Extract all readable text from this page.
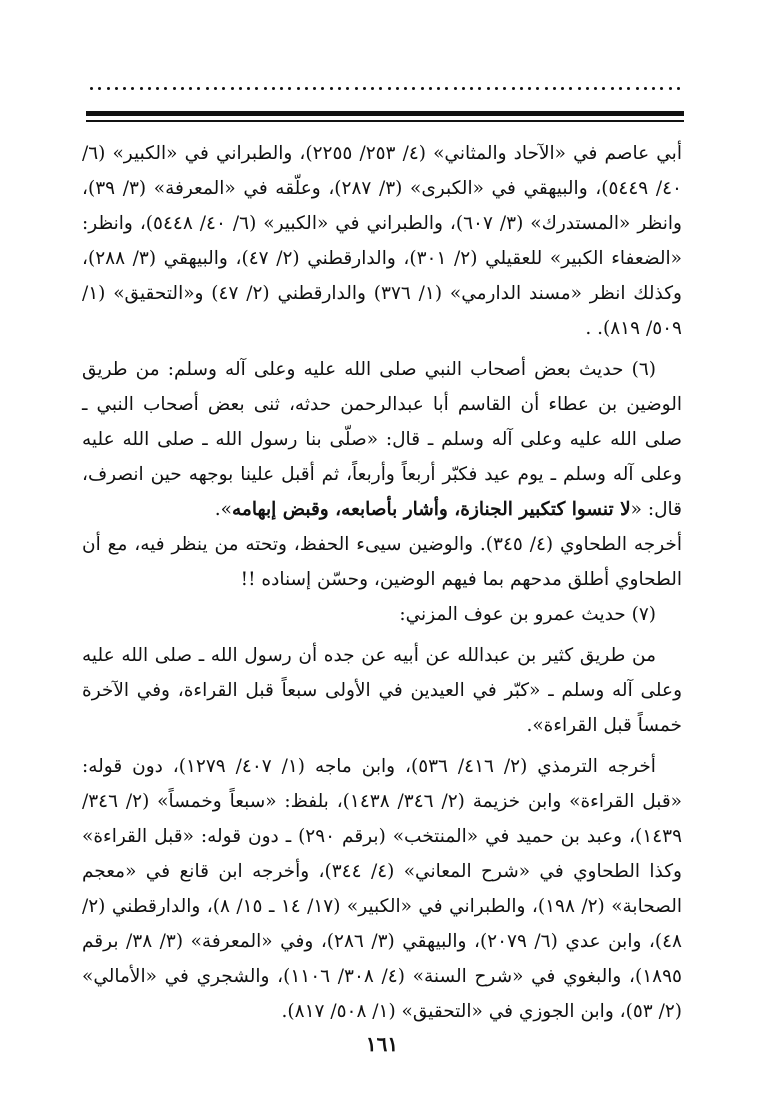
أبي عاصم في «الآحاد والمثاني» (٤/ ٢٥٣/ ٢٢٥٥)، والطبراني في «الكبير» (٦/ ٤٠/ ٥٤٤٩)، والبيهقي في «الكبرى» (٣/ ٢٨٧)، وعلّقه في «المعرفة» (٣/ ٣٩)، وانظر «المستدرك» (٣/ ٦٠٧)، والطبراني في «الكبير» (٦/ ٤٠/ ٥٤٤٨)، وانظر: «الضعفاء الكبير» للعقيلي (٢/ ٣٠١)، والدارقطني (٢/ ٤٧)، والبيهقي (٣/ ٢٨٨)، وكذلك انظر «مسند الدارمي» (١/ ٣٧٦) والدارقطني (٢/ ٤٧) و«التحقيق» (١/ ٥٠٩/ ٨١٩). .

(٦) حديث بعض أصحاب النبي صلى الله عليه وعلى آله وسلم: من طريق الوضين بن عطاء أن القاسم أبا عبدالرحمن حدثه، ثنى بعض أصحاب النبي ـ صلى الله عليه وعلى آله وسلم ـ قال: «صلّى بنا رسول الله ـ صلى الله عليه وعلى آله وسلم ـ يوم عيد فكبّر أربعاً وأربعاً، ثم أقبل علينا بوجهه حين انصرف، قال: «لا تنسوا كتكبير الجنازة، وأشار بأصابعه، وقبض إبهامه».

أخرجه الطحاوي (٤/ ٣٤٥). والوضين سيىء الحفظ، وتحته من ينظر فيه، مع أن الطحاوي أطلق مدحهم بما فيهم الوضين، وحسّن إسناده !!

(٧) حديث عمرو بن عوف المزني:

من طريق كثير بن عبدالله عن أبيه عن جده أن رسول الله ـ صلى الله عليه وعلى آله وسلم ـ «كبّر في العيدين في الأولى سبعاً قبل القراءة، وفي الآخرة خمساً قبل القراءة».

أخرجه الترمذي (٢/ ٤١٦/ ٥٣٦)، وابن ماجه (١/ ٤٠٧/ ١٢٧٩)، دون قوله: «قبل القراءة» وابن خزيمة (٢/ ٣٤٦/ ١٤٣٨)، بلفظ: «سبعاً وخمساً» (٢/ ٣٤٦/ ١٤٣٩)، وعبد بن حميد في «المنتخب» (برقم ٢٩٠) ـ دون قوله: «قبل القراءة» وكذا الطحاوي في «شرح المعاني» (٤/ ٣٤٤)، وأخرجه ابن قانع في «معجم الصحابة» (٢/ ١٩٨)، والطبراني في «الكبير» (١٧/ ١٤ ـ ١٥/ ٨)، والدارقطني (٢/ ٤٨)، وابن عدي (٦/ ٢٠٧٩)، والبيهقي (٣/ ٢٨٦)، وفي «المعرفة» (٣/ ٣٨/ برقم ١٨٩٥)، والبغوي في «شرح السنة» (٤/ ٣٠٨/ ١١٠٦)، والشجري في «الأمالي» (٢/ ٥٣)، وابن الجوزي في «التحقيق» (١/ ٥٠٨/ ٨١٧).

١٦١
